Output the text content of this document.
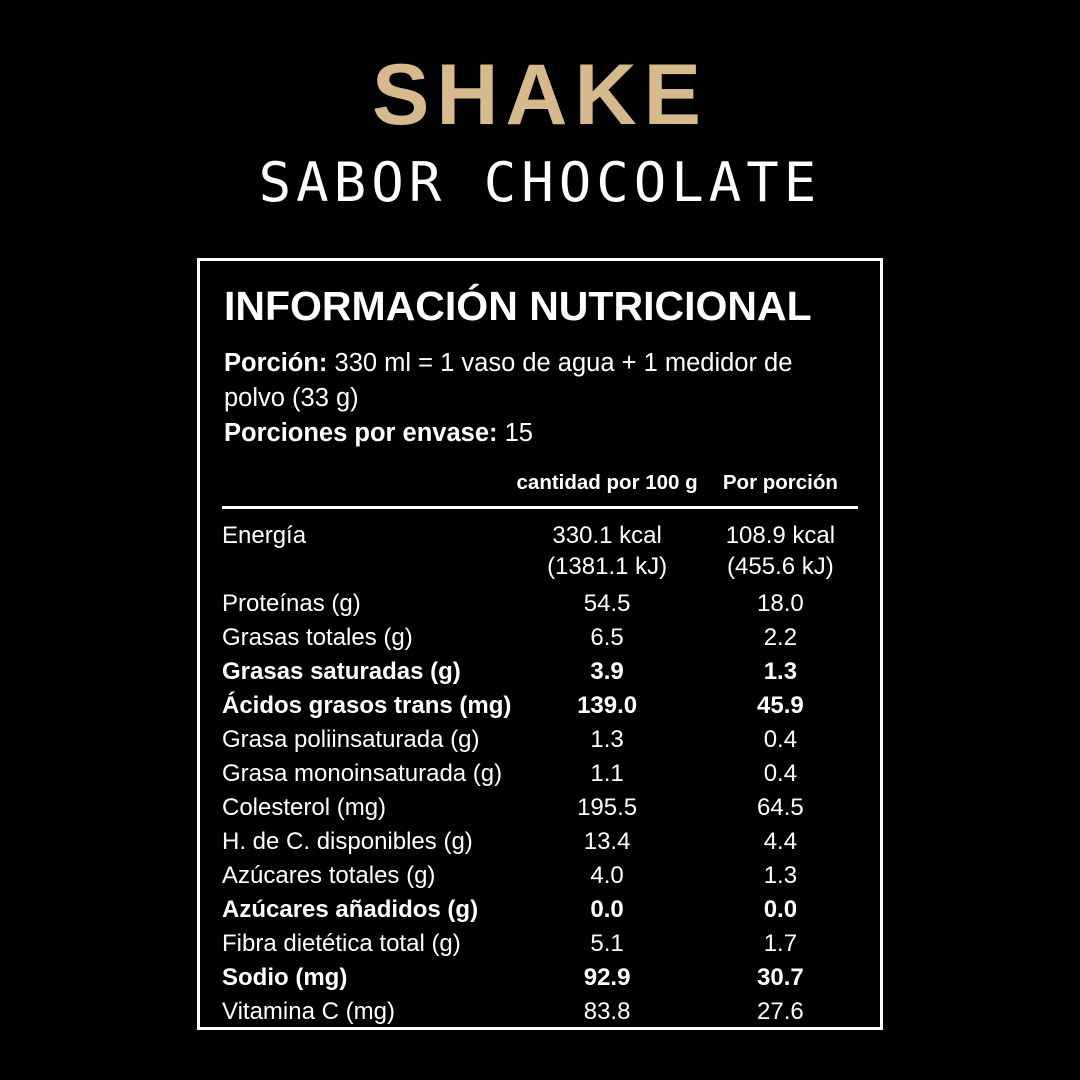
SHAKE
SABOR CHOCOLATE
INFORMACIÓN NUTRICIONAL
Porción: 330 ml = 1 vaso de agua + 1 medidor de polvo (33 g)
Porciones por envase: 15
	cantidad por 100 g	Por porción

Energía	330.1 kcal	108.9 kcal
	(1381.1 kJ)	(455.6 kJ)
Proteínas (g)	54.5	18.0
Grasas totales (g)	6.5	2.2
Grasas saturadas (g)	3.9	1.3
Ácidos grasos trans (mg)	139.0	45.9
Grasa poliinsaturada (g)	1.3	0.4
Grasa monoinsaturada (g)	1.1	0.4
Colesterol (mg)	195.5	64.5
H. de C. disponibles (g)	13.4	4.4
Azúcares totales (g)	4.0	1.3
Azúcares añadidos (g)	0.0	0.0
Fibra dietética total (g)	5.1	1.7
Sodio (mg)	92.9	30.7
Vitamina C (mg)	83.8	27.6
